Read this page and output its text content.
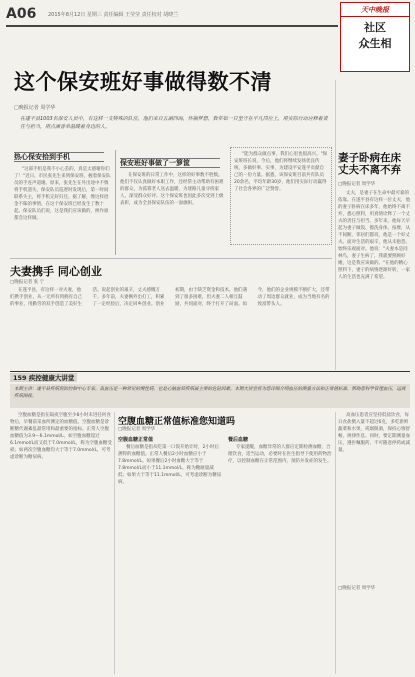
A06 2015年8月12日 星期三 责任编辑 王莹莹 责任校对 胡晓兰
天中晚报
社区
众生相
这个保安班好事做得数不清
□晚报记者 周学华
在遂平县1003名保安人员中，有这样一支特殊的队伍，他们来自五湖四海，怀揣梦想，数年如一日坚守在平凡岗位上，用实际行动诠释着责任与担当，用点滴善举温暖着身边的人。
热心保安拾到手机

"这部手机是我不小心丢的，真是太感谢你们了！"近日，市民张先生来到保安班，握着保安队员的手连声道谢。原来，张先生在外出途中不慎将手机遗失，保安队员巡逻时发现后，第一时间联系失主，将手机完好归还。据了解，像这样拾金不昧的事情，在这个保安班已经发生了数十起。保安队员们说，这是我们应该做的，换作谁都会这样做。

保安班好事做了一箩筐

在保安班的日常工作中，这样的好事数不胜数。他们不仅认真做好本职工作，还经常主动帮助有困难的群众，为孤寡老人送去温暖，为迷路儿童寻找家人，深受群众好评。这个保安班也因此多次受到上级表彰，成为全县保安队伍的一面旗帜。

"能为群众做点事，我们心里也很高兴。"保安班班长说，今后，他们将继续发扬优良传统，多做好事、实事，为建设平安遂平贡献自己的一份力量。据悉，该保安班目前共有队员20余名，平均年龄30岁，他们用实际行动赢得了社会各界的广泛赞誉。

妻子卧病在床
丈夫不离不弃
□晚报记者 周学华

丈夫，是妻子在生命中最可靠的依靠。在遂平县有这样一位丈夫，他的妻子卧病在床多年，他始终不离不弃，悉心照料，用真情诠释了一个丈夫的责任与担当。多年来，他每天早起为妻子做饭、擦洗身体、按摩，从不间断。邻居们都说，他是一个好丈夫。面对生活的艰辛，他从未抱怨，始终乐观面对。他说："夫妻本是同林鸟，妻子生病了，我就要照顾好她，这是我应该做的。"在他的精心照料下，妻子的病情逐渐好转，一家人的生活也充满了希望。

夫妻携手 同心创业
□晚报记者 张 宁

在遂平县，有这样一对夫妻，他们携手创业，从一无所有到拥有自己的事业，用勤劳的双手创造了美好生活。说起创业的艰辛，丈夫感慨万千。多年前，夫妻俩外出打工，积累了一定经验后，决定回乡创业。创业初期，由于缺乏资金和技术，他们遇到了很多困难，但夫妻二人相互鼓励，共同面对，终于打开了局面。如今，他们的企业规模不断扩大，还带动了周边群众就业，成为当地有名的致富带头人。

159 疾控健康大讲堂
本期主讲：遂平县疾病预防控制中心专家。高血压是一种常见的慢性病，也是心脑血管疾病最主要的危险因素。本期大讲堂将为您详细介绍血压的测量方法和正常值标准，帮助您科学管理血压，远离疾病困扰。

空腹血糖是指在隔夜空腹至少8小时未进任何食物后，早餐前采血所测定的血糖值。空腹血糖是诊断糖代谢紊乱最常用和最重要的指标。正常人空腹血糖值为3.9—6.1mmol/L。如空腹血糖超过6.1mmol/L而又低于7.0mmol/L，称为空腹血糖受损；如两次空腹血糖均大于等于7.0mmol/L，可考虑诊断为糖尿病。

空腹血糖正常值标准您知道吗
□晚报记者 周学华
空腹血糖正常值

餐后血糖是指从吃第一口饭开始计时，2小时后测得的血糖值。正常人餐后2小时血糖应小于7.8mmol/L。如果餐后2小时血糖大于等于7.8mmol/L而小于11.1mmol/L，称为糖耐量减低；如果大于等于11.1mmol/L，可考虑诊断为糖尿病。

餐后血糖

专家提醒，血糖异常的人群应定期检测血糖，合理饮食，适当运动，必要时在医生指导下使用药物治疗，以控制血糖在正常范围内，预防并发症的发生。

高血压患者应坚持低盐饮食，每日食盐摄入量不超过6克，多吃新鲜蔬菜和水果，戒烟限酒，保持心情舒畅，规律作息。同时，要定期测量血压，遵医嘱服药，不可随意停药或减量。

□晚报记者 周学华
